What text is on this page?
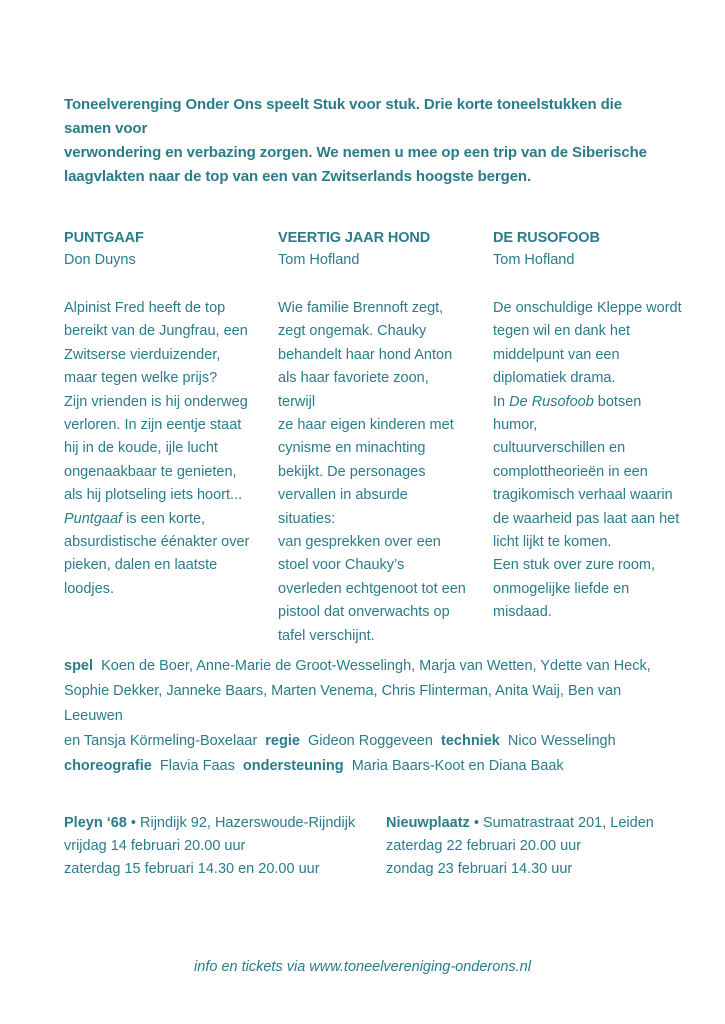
Toneelverenging Onder Ons speelt Stuk voor stuk. Drie korte toneelstukken die samen voor
verwondering en verbazing zorgen. We nemen u mee op een trip van de Siberische
laagvlakten naar de top van een van Zwitserlands hoogste bergen.

PUNTGAAF

Don Duyns

Alpinist Fred heeft de top

bereikt van de Jungfrau, een

Zwitserse vierduizender,

maar tegen welke prijs?

Zijn vrienden is hij onderweg

verloren. In zijn eentje staat

hij in de koude, ijle lucht

ongenaakbaar te genieten,

als hij plotseling iets hoort...

Puntgaaf is een korte,

absurdistische éénakter over

pieken, dalen en laatste

loodjes.

VEERTIG JAAR HOND

Tom Hofland

Wie familie Brennoft zegt,

zegt ongemak. Chauky

behandelt haar hond Anton

als haar favoriete zoon, terwijl

ze haar eigen kinderen met

cynisme en minachting

bekijkt. De personages

vervallen in absurde situaties:

van gesprekken over een

stoel voor Chauky’s

overleden echtgenoot tot een

pistool dat onverwachts op

tafel verschijnt.

DE RUSOFOOB

Tom Hofland

De onschuldige Kleppe wordt

tegen wil en dank het

middelpunt van een

diplomatiek drama.

In De Rusofoob botsen humor,

cultuurverschillen en

complottheorieën in een

tragikomisch verhaal waarin

de waarheid pas laat aan het

licht lijkt te komen.

Een stuk over zure room,

onmogelijke liefde en

misdaad.

spel Koen de Boer, Anne-Marie de Groot-Wesselingh, Marja van Wetten, Ydette van Heck,
Sophie Dekker, Janneke Baars, Marten Venema, Chris Flinterman, Anita Waij, Ben van Leeuwen
en Tansja Körmeling-Boxelaar regie Gideon Roggeveen techniek Nico Wesselingh
choreografie Flavia Faas ondersteuning Maria Baars-Koot en Diana Baak

Pleyn ‘68 • Rijndijk 92, Hazerswoude-Rijndijk

vrijdag 14 februari 20.00 uur

zaterdag 15 februari 14.30 en 20.00 uur

Nieuwplaatz • Sumatrastraat 201, Leiden

zaterdag 22 februari 20.00 uur

zondag 23 februari 14.30 uur

info en tickets via www.toneelvereniging-onderons.nl
